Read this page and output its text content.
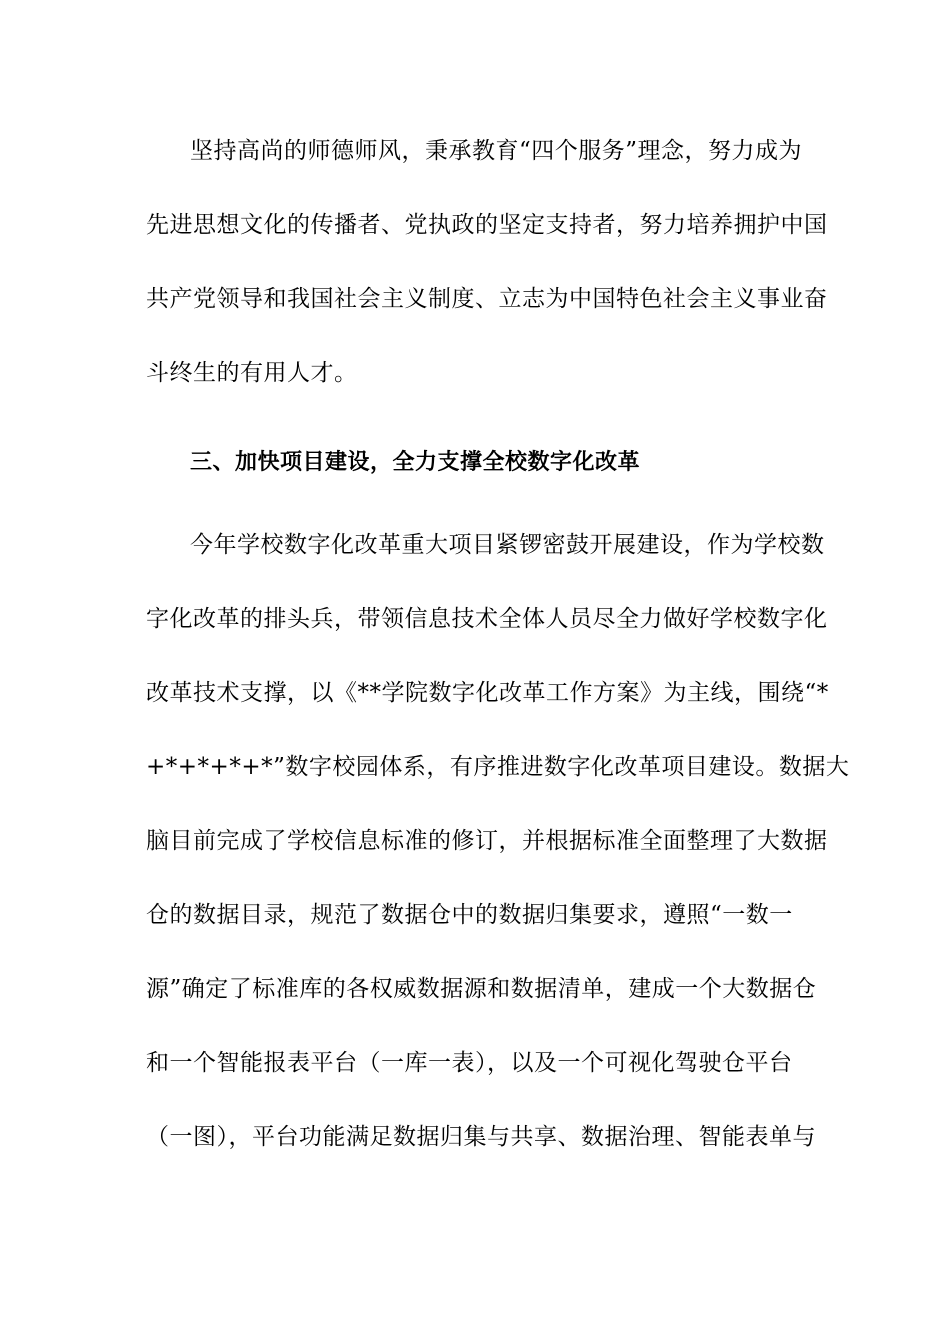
坚持高尚的师德师风，秉承教育“四个服务”理念，努力成为
先进思想文化的传播者、党执政的坚定支持者，努力培养拥护中国
共产党领导和我国社会主义制度、立志为中国特色社会主义事业奋
斗终生的有用人才。
三、加快项目建设，全力支撑全校数字化改革
今年学校数字化改革重大项目紧锣密鼓开展建设，作为学校数
字化改革的排头兵，带领信息技术全体人员尽全力做好学校数字化
改革技术支撑，以《**学院数字化改革工作方案》为主线，围绕“*
+*+*+*+*”数字校园体系，有序推进数字化改革项目建设。数据大
脑目前完成了学校信息标准的修订，并根据标准全面整理了大数据
仓的数据目录，规范了数据仓中的数据归集要求，遵照“一数一
源”确定了标准库的各权威数据源和数据清单，建成一个大数据仓
和一个智能报表平台（一库一表），以及一个可视化驾驶仓平台
（一图），平台功能满足数据归集与共享、数据治理、智能表单与
